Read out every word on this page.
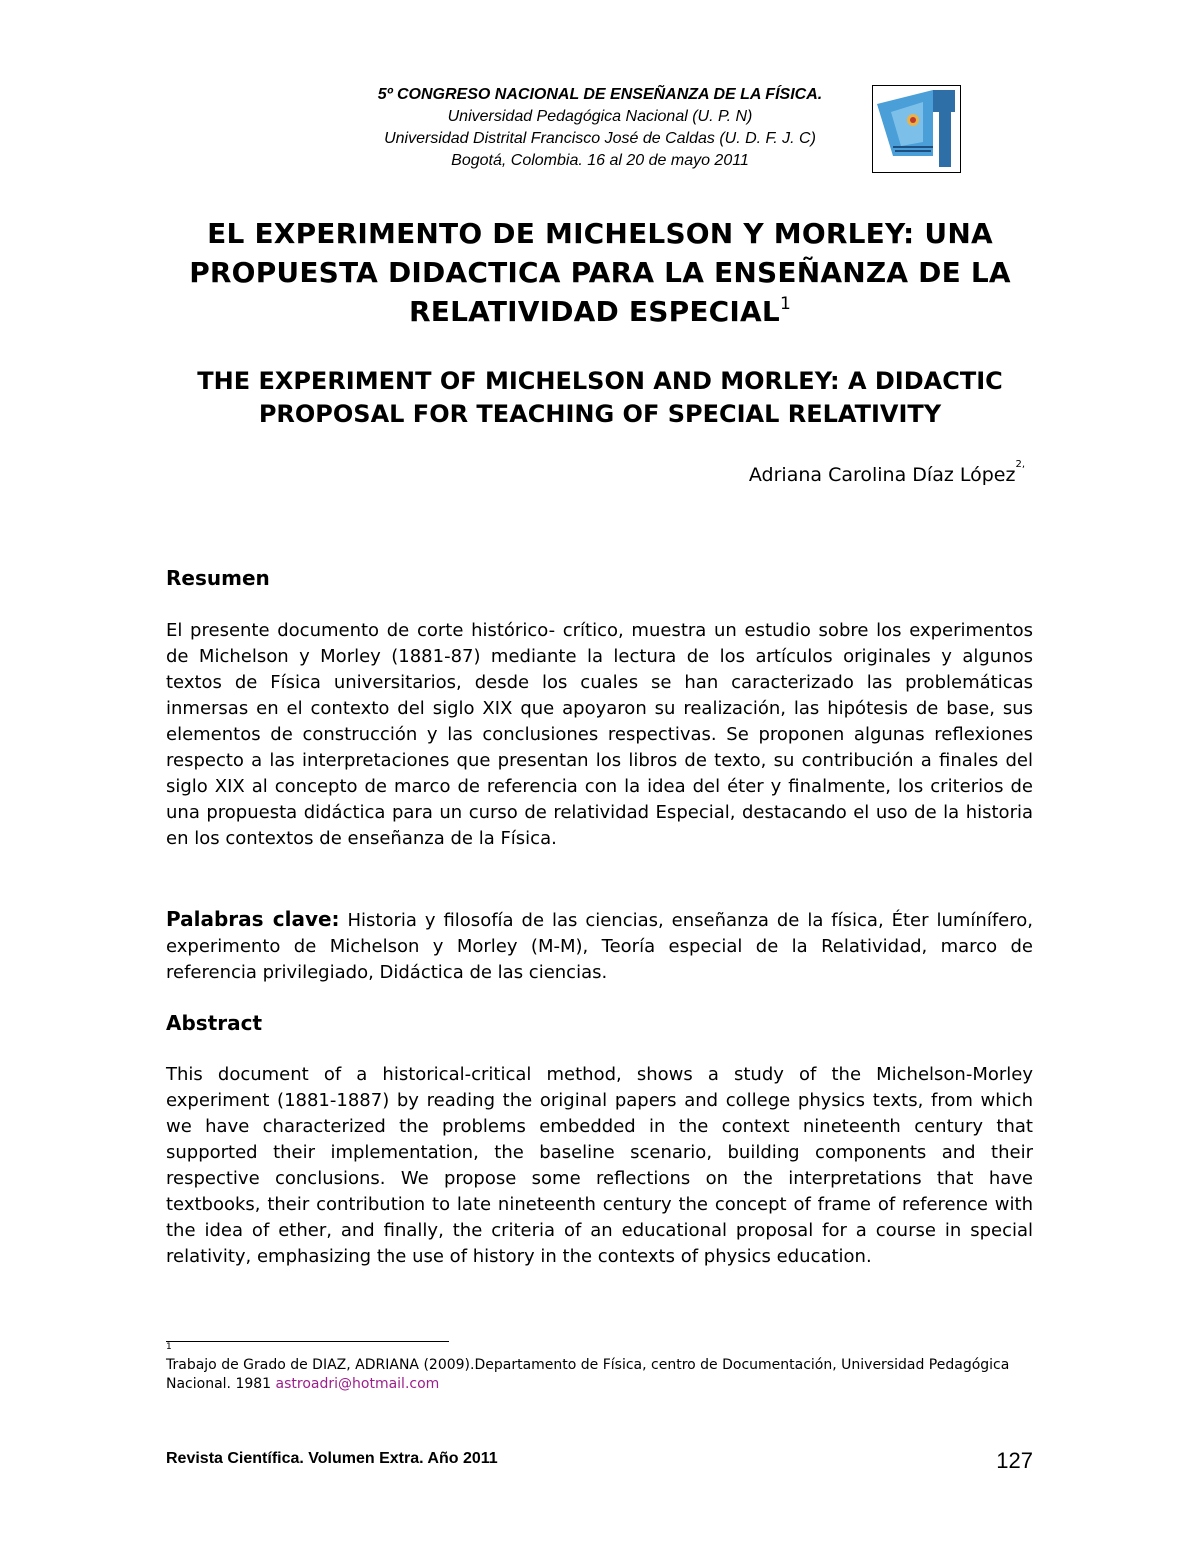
5º CONGRESO NACIONAL DE ENSEÑANZA DE LA FÍSICA.
Universidad Pedagógica Nacional (U. P. N)
Universidad Distrital Francisco José de Caldas (U. D. F. J. C)
Bogotá, Colombia. 16 al 20 de mayo 2011
EL EXPERIMENTO DE MICHELSON Y MORLEY: UNA
PROPUESTA DIDACTICA PARA LA ENSEÑANZA DE LA
RELATIVIDAD ESPECIAL$^1$
THE EXPERIMENT OF MICHELSON AND MORLEY: A DIDACTIC
PROPOSAL FOR TEACHING OF SPECIAL RELATIVITY
Adriana Carolina Díaz López$^{2,}$
Resumen
El presente documento de corte histórico- crítico, muestra un estudio sobre los experimentos de Michelson y Morley (1881-87) mediante la lectura de los artículos originales y algunos textos de Física universitarios, desde los cuales se han caracterizado las problemáticas inmersas en el contexto del siglo XIX que apoyaron su realización, las hipótesis de base, sus elementos de construcción y las conclusiones respectivas. Se proponen algunas reflexiones respecto a las interpretaciones que presentan los libros de texto, su contribución a finales del siglo XIX al concepto de marco de referencia con la idea del éter y finalmente, los criterios de una propuesta didáctica para un curso de relatividad Especial, destacando el uso de la historia en los contextos de enseñanza de la Física.
Palabras clave: Historia y filosofía de las ciencias, enseñanza de la física, Éter lumínífero, experimento de Michelson y Morley (M-M), Teoría especial de la Relatividad, marco de referencia privilegiado, Didáctica de las ciencias.
Abstract
This document of a historical-critical method, shows a study of the Michelson-Morley experiment (1881-1887) by reading the original papers and college physics texts, from which we have characterized the problems embedded in the context nineteenth century that supported their implementation, the baseline scenario, building components and their respective conclusions. We propose some reflections on the interpretations that have textbooks, their contribution to late nineteenth century the concept of frame of reference with the idea of ether, and finally, the criteria of an educational proposal for a course in special relativity, emphasizing the use of history in the contexts of physics education.
1
Trabajo de Grado de DIAZ, ADRIANA (2009).Departamento de Física, centro de Documentación, Universidad Pedagógica Nacional. 1981 astroadri@hotmail.com
Revista Científica. Volumen Extra. Año 2011	127
